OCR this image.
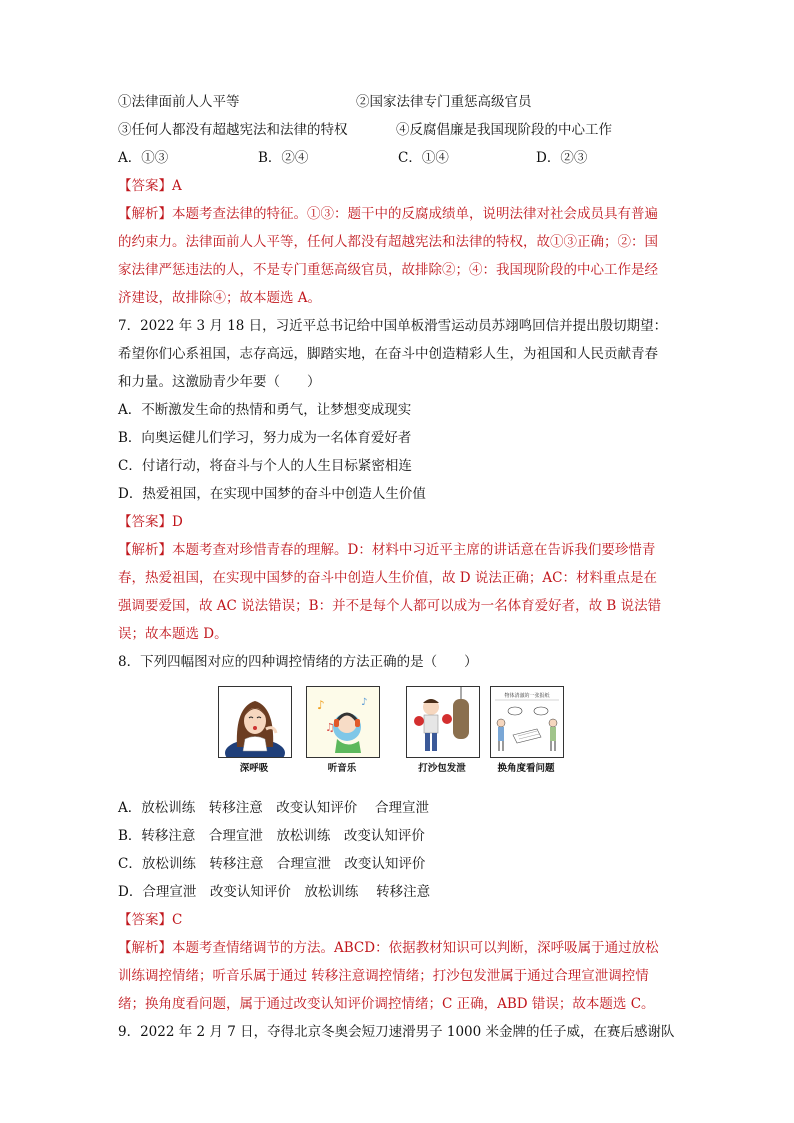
①法律面前人人平等	②国家法律专门重惩高级官员
③任何人都没有超越宪法和法律的特权	④反腐倡廉是我国现阶段的中心工作
A．①③	B．②④	C．①④	D．②③
【答案】A
【解析】本题考查法律的特征。①③：题干中的反腐成绩单，说明法律对社会成员具有普遍
的约束力。法律面前人人平等，任何人都没有超越宪法和法律的特权，故①③正确；②：国
家法律严惩违法的人，不是专门重惩高级官员，故排除②；④：我国现阶段的中心工作是经
济建设，故排除④；故本题选 A。
7．2022 年 3 月 18 日，习近平总书记给中国单板滑雪运动员苏翊鸣回信并提出殷切期望：
希望你们心系祖国，志存高远，脚踏实地，在奋斗中创造精彩人生，为祖国和人民贡献青春
和力量。这激励青少年要（　　）
A．不断激发生命的热情和勇气，让梦想变成现实
B．向奥运健儿们学习，努力成为一名体育爱好者
C．付诸行动，将奋斗与个人的人生目标紧密相连
D．热爱祖国，在实现中国梦的奋斗中创造人生价值
【答案】D
【解析】本题考查对珍惜青春的理解。D：材料中习近平主席的讲话意在告诉我们要珍惜青
春，热爱祖国，在实现中国梦的奋斗中创造人生价值，故 D 说法正确；AC：材料重点是在
强调要爱国，故 AC 说法错误；B：并不是每个人都可以成为一名体育爱好者，故 B 说法错
误；故本题选 D。
8．下列四幅图对应的四种调控情绪的方法正确的是（　　）
深呼吸
♪
♫
♪
听音乐	打沙包发泄
物体清澈的一张报纸
换角度看问题
A．放松训练　转移注意　改变认知评价　 合理宣泄
B．转移注意　合理宣泄　放松训练　改变认知评价
C．放松训练　转移注意　合理宣泄　改变认知评价
D．合理宣泄　改变认知评价　放松训练　 转移注意
【答案】C
【解析】本题考查情绪调节的方法。ABCD：依据教材知识可以判断，深呼吸属于通过放松
训练调控情绪；听音乐属于通过 转移注意调控情绪；打沙包发泄属于通过合理宣泄调控情
绪；换角度看问题，属于通过改变认知评价调控情绪；C 正确，ABD 错误；故本题选 C。
9．2022 年 2 月 7 日，夺得北京冬奥会短刀速滑男子 1000 米金牌的任子威，在赛后感谢队
